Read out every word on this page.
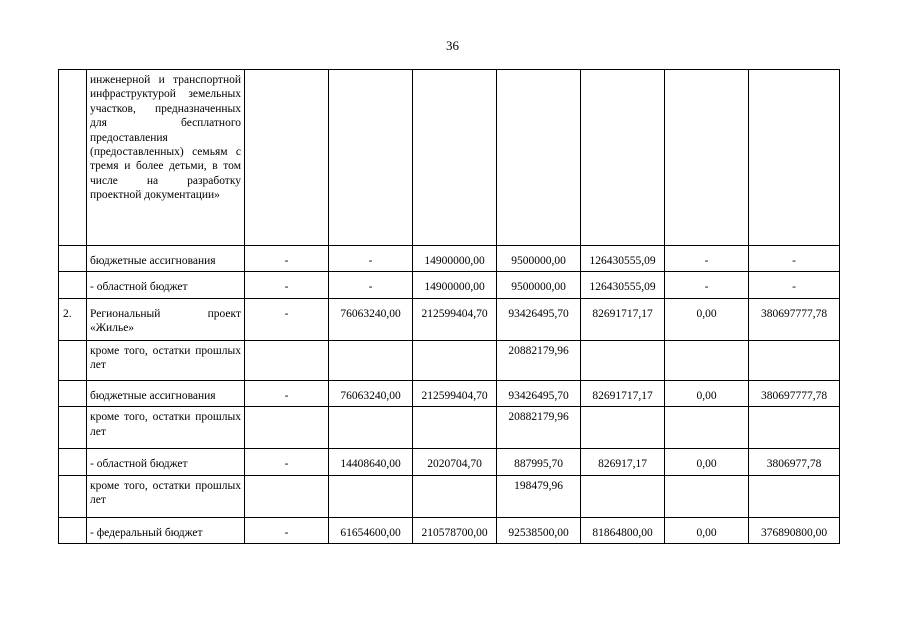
36
	инженерной и транспортной инфраструктурой земельных участков, предназначенных для бесплатного предоставления (предоставленных) семьям с тремя и более детьми, в том числе на разработку проектной документации»							
	бюджетные ассигнования	-	-	14900000,00	9500000,00	126430555,09	-	-
	- областной бюджет	-	-	14900000,00	9500000,00	126430555,09	-	-
2.	Региональный проект «Жилье»	-	76063240,00	212599404,70	93426495,70	82691717,17	0,00	380697777,78
	кроме того, остатки прошлых лет				20882179,96			
	бюджетные ассигнования	-	76063240,00	212599404,70	93426495,70	82691717,17	0,00	380697777,78
	кроме того, остатки прошлых лет				20882179,96			
	- областной бюджет	-	14408640,00	2020704,70	887995,70	826917,17	0,00	3806977,78
	кроме того, остатки прошлых лет				198479,96			
	- федеральный бюджет	-	61654600,00	210578700,00	92538500,00	81864800,00	0,00	376890800,00
